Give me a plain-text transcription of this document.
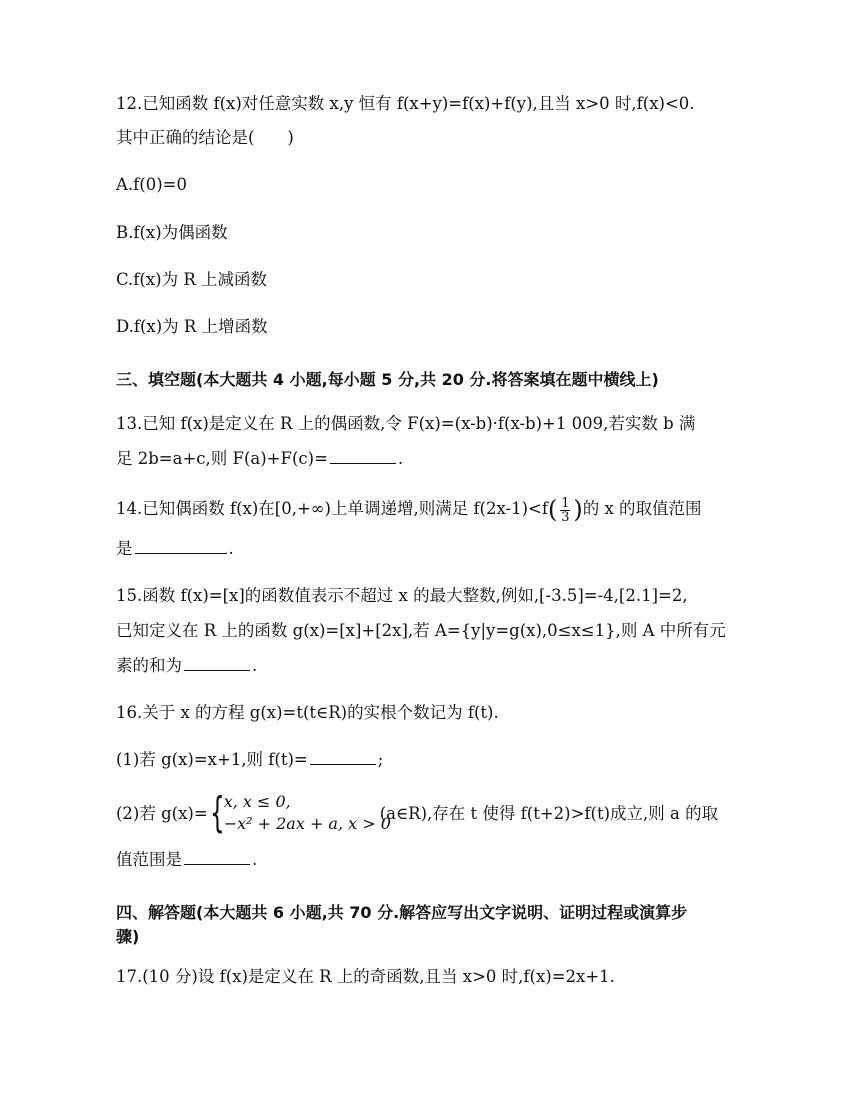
12.已知函数 f(x)对任意实数 x,y 恒有 f(x+y)=f(x)+f(y),且当 x>0 时,f(x)<0.
其中正确的结论是(　　)
A.f(0)=0
B.f(x)为偶函数
C.f(x)为 R 上减函数
D.f(x)为 R 上增函数
三、填空题(本大题共 4 小题,每小题 5 分,共 20 分.将答案填在题中横线上)
13.已知 f(x)是定义在 R 上的偶函数,令 F(x)=(x-b)·f(x-b)+1 009,若实数 b 满
足 2b=a+c,则 F(a)+F(c)=	.
14.已知偶函数 f(x)在[0,+∞)上单调递增,则满足 $f(2x-1)<f( \frac{1}{3}$ )的 x 的取值范围
是	.
15.函数 f(x)=[x]的函数值表示不超过 x 的最大整数,例如,[-3.5]=-4,[2.1]=2,
已知定义在 R 上的函数 g(x)=[x]+[2x],若 A={y|y=g(x),0≤x≤1},则 A 中所有元
素的和为	.
16.关于 x 的方程 g(x)=t(t∈R)的实根个数记为 f(t).
(1)若 g(x)=x+1,则 f(t)=	;
(2)若 g(x)= { x, x ≤ 0,
−x² + 2ax + a, x > 0
(a∈R),存在 t 使得 f(t+2)>f(t)成立,则 a 的取
值范围是	.
四、解答题(本大题共 6 小题,共 70 分.解答应写出文字说明、证明过程或演算步
骤)
17.(10 分)设 f(x)是定义在 R 上的奇函数,且当 x>0 时,f(x)=2x+1.
